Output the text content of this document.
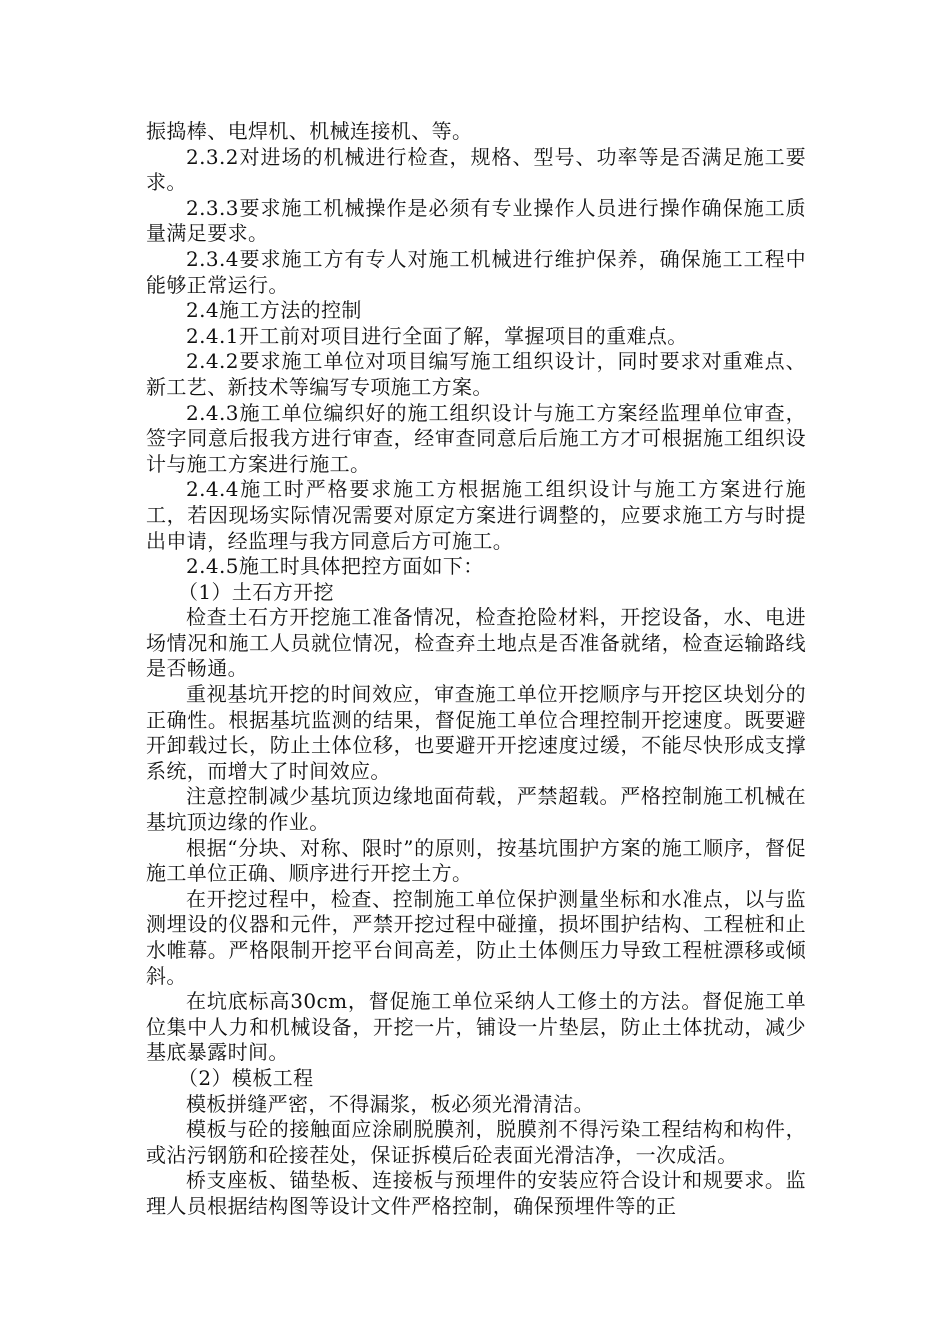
振捣棒、电焊机、机械连接机、等。

2.3.2对进场的机械进行检查，规格、型号、功率等是否满足施工要求。

2.3.3要求施工机械操作是必须有专业操作人员进行操作确保施工质量满足要求。

2.3.4要求施工方有专人对施工机械进行维护保养，确保施工工程中能够正常运行。

2.4施工方法的控制

2.4.1开工前对项目进行全面了解，掌握项目的重难点。

2.4.2要求施工单位对项目编写施工组织设计，同时要求对重难点、新工艺、新技术等编写专项施工方案。

2.4.3施工单位编织好的施工组织设计与施工方案经监理单位审查，签字同意后报我方进行审查，经审查同意后后施工方才可根据施工组织设计与施工方案进行施工。

2.4.4施工时严格要求施工方根据施工组织设计与施工方案进行施工，若因现场实际情况需要对原定方案进行调整的，应要求施工方与时提出申请，经监理与我方同意后方可施工。

2.4.5施工时具体把控方面如下：

（1）土石方开挖

检查土石方开挖施工准备情况，检查抢险材料，开挖设备，水、电进场情况和施工人员就位情况，检查弃土地点是否准备就绪，检查运输路线是否畅通。

重视基坑开挖的时间效应，审查施工单位开挖顺序与开挖区块划分的正确性。根据基坑监测的结果，督促施工单位合理控制开挖速度。既要避开卸载过长，防止土体位移，也要避开开挖速度过缓，不能尽快形成支撑系统，而增大了时间效应。

注意控制减少基坑顶边缘地面荷载，严禁超载。严格控制施工机械在基坑顶边缘的作业。

根据“分块、对称、限时”的原则，按基坑围护方案的施工顺序，督促施工单位正确、顺序进行开挖土方。

在开挖过程中，检查、控制施工单位保护测量坐标和水准点，以与监测埋设的仪器和元件，严禁开挖过程中碰撞，损坏围护结构、工程桩和止水帷幕。严格限制开挖平台间高差，防止土体侧压力导致工程桩漂移或倾斜。

在坑底标高30cm，督促施工单位采纳人工修土的方法。督促施工单位集中人力和机械设备，开挖一片，铺设一片垫层，防止土体扰动，减少基底暴露时间。

（2）模板工程

模板拼缝严密，不得漏浆，板必须光滑清洁。

模板与砼的接触面应涂刷脱膜剂，脱膜剂不得污染工程结构和构件，或沾污钢筋和砼接茬处，保证拆模后砼表面光滑洁净，一次成活。

桥支座板、锚垫板、连接板与预埋件的安装应符合设计和规要求。监理人员根据结构图等设计文件严格控制，确保预埋件等的正
